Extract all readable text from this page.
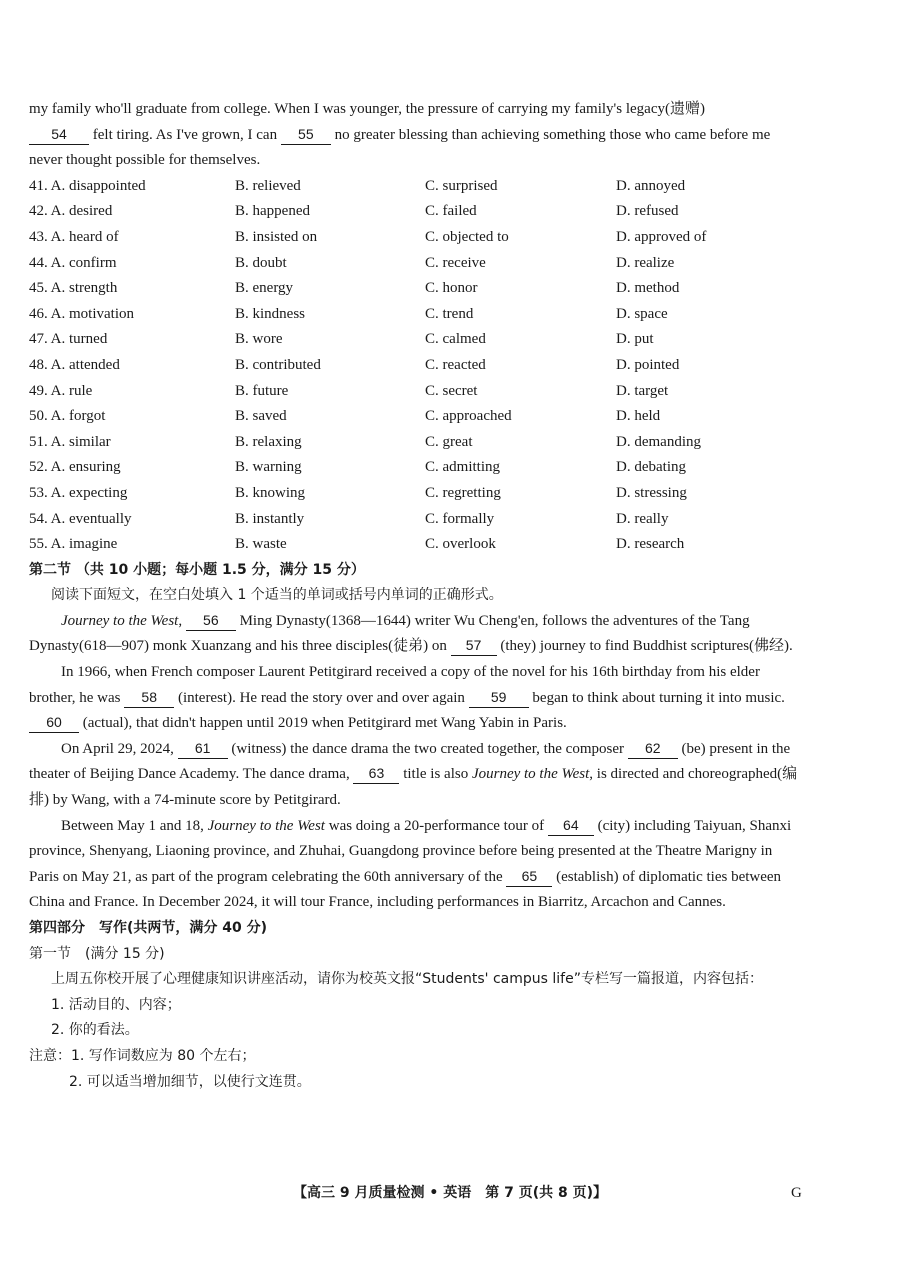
my family who'll graduate from college. When I was younger, the pressure of carrying my family's legacy(遗赠)
54 felt tiring. As I've grown, I can 55 no greater blessing than achieving something those who came before me never thought possible for themselves.

41. A. disappointed	B. relieved	C. surprised	D. annoyed
42. A. desired	B. happened	C. failed	D. refused
43. A. heard of	B. insisted on	C. objected to	D. approved of
44. A. confirm	B. doubt	C. receive	D. realize
45. A. strength	B. energy	C. honor	D. method
46. A. motivation	B. kindness	C. trend	D. space
47. A. turned	B. wore	C. calmed	D. put
48. A. attended	B. contributed	C. reacted	D. pointed
49. A. rule	B. future	C. secret	D. target
50. A. forgot	B. saved	C. approached	D. held
51. A. similar	B. relaxing	C. great	D. demanding
52. A. ensuring	B. warning	C. admitting	D. debating
53. A. expecting	B. knowing	C. regretting	D. stressing
54. A. eventually	B. instantly	C. formally	D. really
55. A. imagine	B. waste	C. overlook	D. research

第二节 （共 10 小题；每小题 1.5 分，满分 15 分）

阅读下面短文，在空白处填入 1 个适当的单词或括号内单词的正确形式。

Journey to the West, 56 Ming Dynasty(1368—1644) writer Wu Cheng'en, follows the adventures of the Tang Dynasty(618—907) monk Xuanzang and his three disciples(徒弟) on 57 (they) journey to find Buddhist scriptures(佛经).

In 1966, when French composer Laurent Petitgirard received a copy of the novel for his 16th birthday from his elder brother, he was 58 (interest). He read the story over and over again 59 began to think about turning it into music. 60 (actual), that didn't happen until 2019 when Petitgirard met Wang Yabin in Paris.

On April 29, 2024, 61 (witness) the dance drama the two created together, the composer 62 (be) present in the theater of Beijing Dance Academy. The dance drama, 63 title is also Journey to the West, is directed and choreographed(编排) by Wang, with a 74-minute score by Petitgirard.

Between May 1 and 18, Journey to the West was doing a 20-performance tour of 64 (city) including Taiyuan, Shanxi province, Shenyang, Liaoning province, and Zhuhai, Guangdong province before being presented at the Theatre Marigny in Paris on May 21, as part of the program celebrating the 60th anniversary of the 65 (establish) of diplomatic ties between China and France. In December 2024, it will tour France, including performances in Biarritz, Arcachon and Cannes.

第四部分　写作(共两节，满分 40 分)

第一节　(满分 15 分)

上周五你校开展了心理健康知识讲座活动，请你为校英文报“Students' campus life”专栏写一篇报道，内容包括：

1. 活动目的、内容；

2. 你的看法。

注意：1. 写作词数应为 80 个左右；

2. 可以适当增加细节，以使行文连贯。

【高三 9 月质量检测 • 英语　第 7 页(共 8 页)】	G
